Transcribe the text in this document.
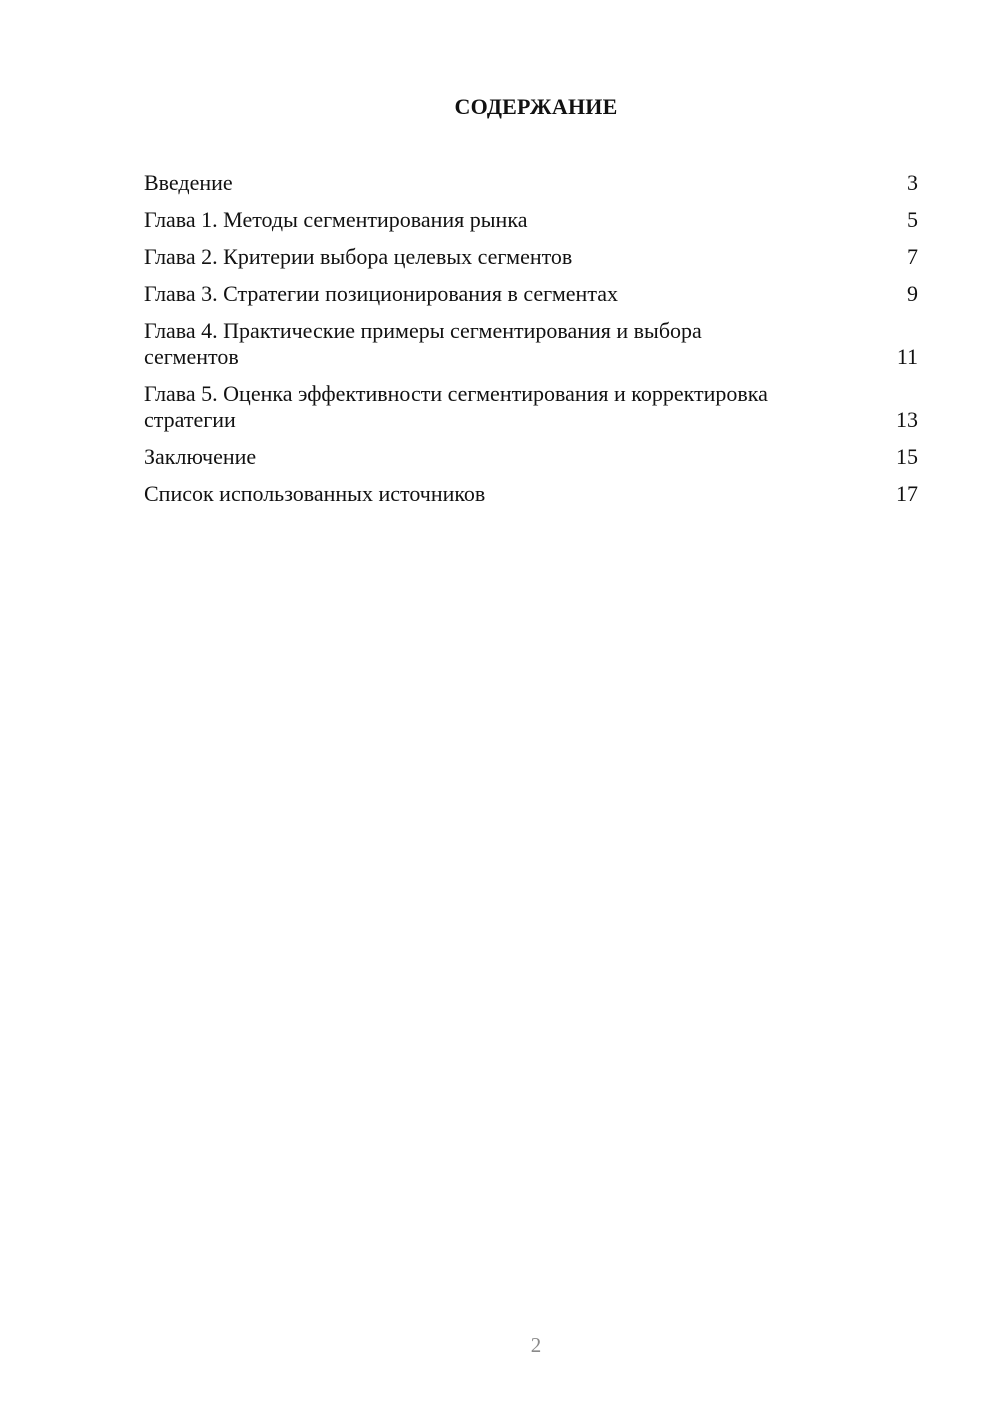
СОДЕРЖАНИЕ
Введение	3
Глава 1. Методы сегментирования рынка	5
Глава 2. Критерии выбора целевых сегментов	7
Глава 3. Стратегии позиционирования в сегментах	9
Глава 4. Практические примеры сегментирования и выбора сегментов	11
Глава 5. Оценка эффективности сегментирования и корректировка стратегии	13
Заключение	15
Список использованных источников	17
2
